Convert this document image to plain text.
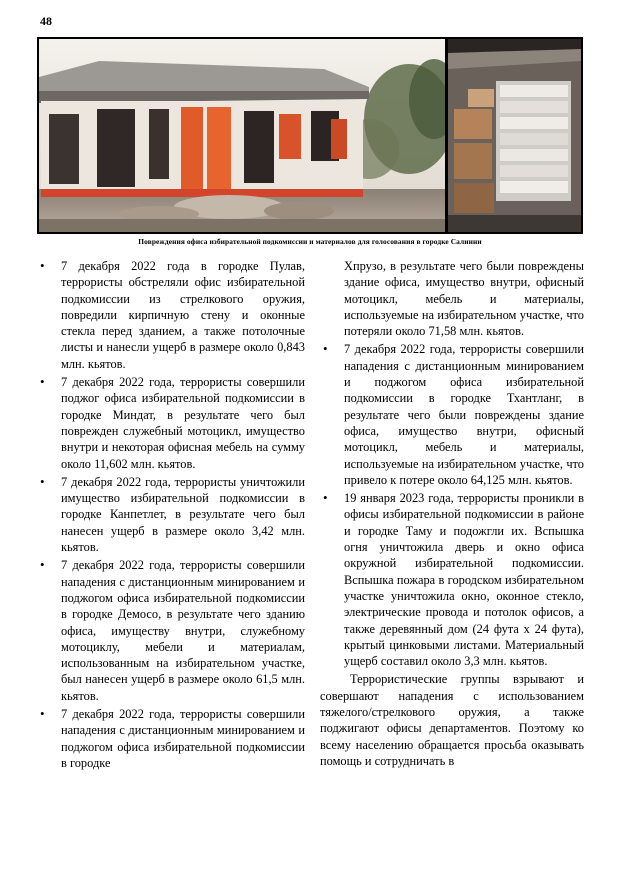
48
Повреждения офиса избирательной подкомиссии и материалов для голосования в городке Салинни
• 7 декабря 2022 года в городке Пулав, террористы обстреляли офис избирательной подкомиссии из стрелкового оружия, повредили кирпичную стену и оконные стекла перед зданием, а также потолочные листы и нанесли ущерб в размере около 0,843 млн. кьятов.
• 7 декабря 2022 года, террористы совершили поджог офиса избирательной подкомиссии в городке Миндат, в результате чего был поврежден служебный мотоцикл, имущество внутри и некоторая офисная мебель на сумму около 11,602 млн. кьятов.
• 7 декабря 2022 года, террористы уничтожили имущество избирательной подкомиссии в городке Канпетлет, в результате чего был нанесен ущерб в размере около 3,42 млн. кьятов.
• 7 декабря 2022 года, террористы совершили нападения с дистанционным минированием и поджогом офиса избирательной подкомиссии в городке Демосо, в результате чего зданию офиса, имуществу внутри, служебному мотоциклу, мебели и материалам, использованным на избирательном участке, был нанесен ущерб в размере около 61,5 млн. кьятов.
• 7 декабря 2022 года, террористы совершили нападения с дистанционным минированием и поджогом офиса избирательной подкомиссии в городке

Хпрузо, в результате чего были повреждены здание офиса, имущество внутри, офисный мотоцикл, мебель и материалы, используемые на избирательном участке, что потеряли около 71,58 млн. кьятов.

• 7 декабря 2022 года, террористы совершили нападения с дистанционным минированием и поджогом офиса избирательной подкомиссии в городке Тхантланг, в результате чего были повреждены здание офиса, имущество внутри, офисный мотоцикл, мебель и материалы, используемые на избирательном участке, что привело к потере около 64,125 млн. кьятов.
• 19 января 2023 года, террористы проникли в офисы избирательной подкомиссии в районе и городке Таму и подожгли их. Вспышка огня уничтожила дверь и окно офиса окружной избирательной подкомиссии. Вспышка пожара в городском избирательном участке уничтожила окно, оконное стекло, электрические провода и потолок офисов, а также деревянный дом (24 фута x 24 фута), крытый цинковыми листами. Материальный ущерб составил около 3,3 млн. кьятов.

Террористические группы взрывают и совершают нападения с использованием тяжелого/стрелкового оружия, а также поджигают офисы департаментов. Поэтому ко всему населению обращается просьба оказывать помощь и сотрудничать в
